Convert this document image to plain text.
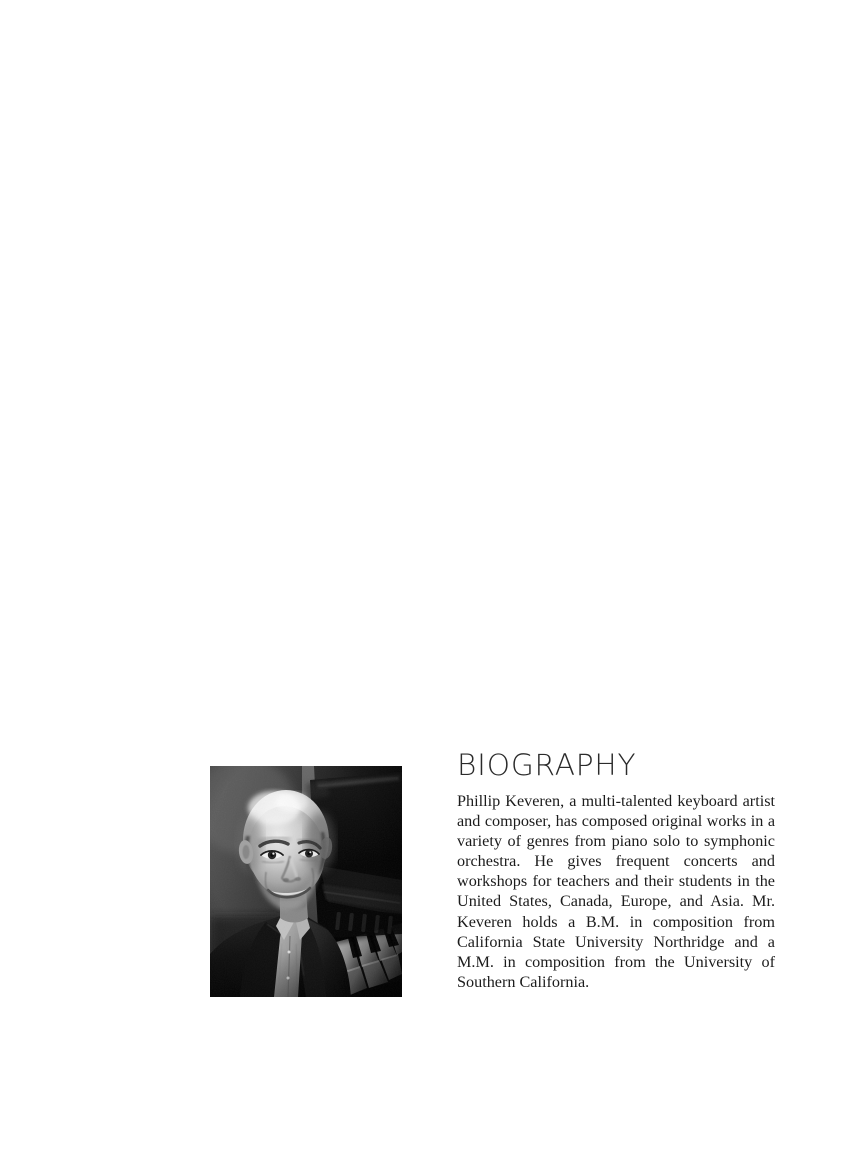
BIOGRAPHY

Phillip Keveren, a multi-talented keyboard artist and composer, has composed original works in a variety of genres from piano solo to symphonic orchestra. He gives frequent concerts and workshops for teachers and their students in the United States, Canada, Europe, and Asia. Mr. Keveren holds a B.M. in composition from California State University Northridge and a M.M. in composition from the University of Southern California.
